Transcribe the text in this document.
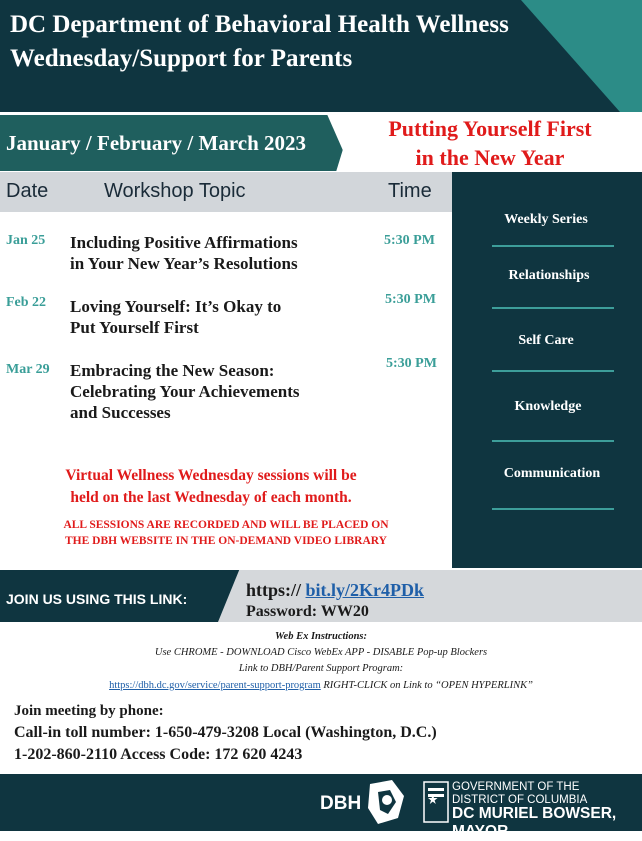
DC Department of Behavioral Health Wellness
Wednesday/Support for Parents
January / February / March 2023
Putting Yourself First
in the New Year
Date	Workshop Topic	Time
Weekly Series
Relationships
Self Care
Knowledge
Communication
Jan 25 Including Positive Affirmations
in Your New Year’s Resolutions
5:30 PM
Feb 22 Loving Yourself: It’s Okay to
Put Yourself First
5:30 PM
Mar 29 Embracing the New Season:
Celebrating Your Achievements
and Successes
5:30 PM
Virtual Wellness Wednesday sessions will be
held on the last Wednesday of each month.
ALL SESSIONS ARE RECORDED AND WILL BE PLACED ON
THE DBH WEBSITE IN THE ON-DEMAND VIDEO LIBRARY
JOIN US USING THIS LINK:	https:// bit.ly/2Kr4PDk
Password: WW20
Web Ex Instructions:
Use CHROME - DOWNLOAD Cisco WebEx APP - DISABLE Pop-up Blockers
Link to DBH/Parent Support Program:
https://dbh.dc.gov/service/parent-support-program RIGHT-CLICK on Link to “OPEN HYPERLINK”
Join meeting by phone:
Call-in toll number: 1-650-479-3208 Local (Washington, D.C.)
1-202-860-2110 Access Code: 172 620 4243
DBH
GOVERNMENT OF THE
DISTRICT OF COLUMBIA
DC MURIEL BOWSER, MAYOR
